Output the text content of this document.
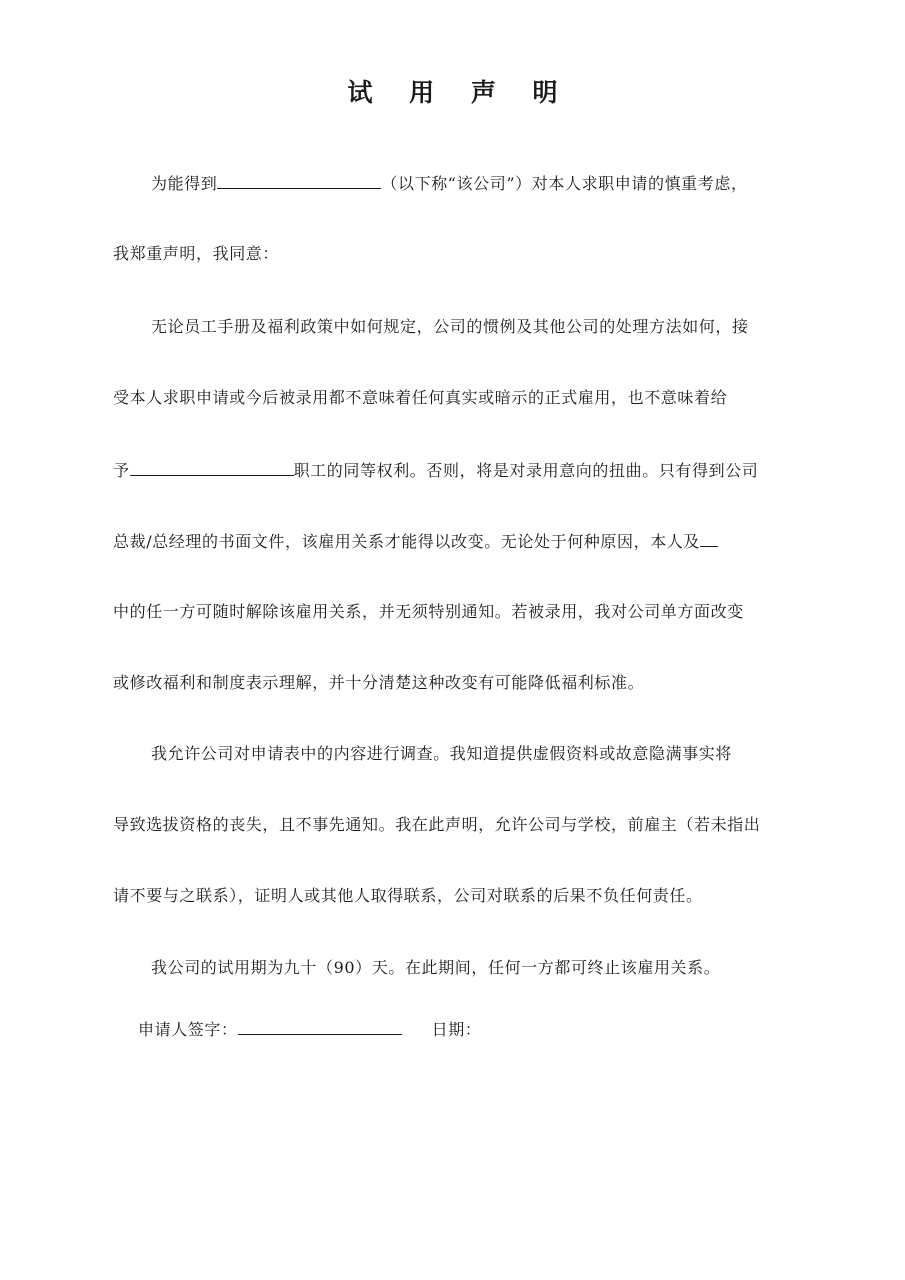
试 用 声 明
为能得到	（以下称“该公司”）对本人求职申请的慎重考虑，
我郑重声明，我同意：
无论员工手册及福利政策中如何规定，公司的惯例及其他公司的处理方法如何，接
受本人求职申请或今后被录用都不意味着任何真实或暗示的正式雇用，也不意味着给
予	职工的同等权利。否则，将是对录用意向的扭曲。只有得到公司
总裁/总经理的书面文件，该雇用关系才能得以改变。无论处于何种原因，本人及
中的任一方可随时解除该雇用关系，并无须特别通知。若被录用，我对公司单方面改变
或修改福利和制度表示理解，并十分清楚这种改变有可能降低福利标准。
我允许公司对申请表中的内容进行调查。我知道提供虚假资料或故意隐满事实将
导致选拔资格的丧失，且不事先通知。我在此声明，允许公司与学校，前雇主（若未指出
请不要与之联系），证明人或其他人取得联系，公司对联系的后果不负任何责任。
我公司的试用期为九十（90）天。在此期间，任何一方都可终止该雇用关系。
申请人签字：	日期：
